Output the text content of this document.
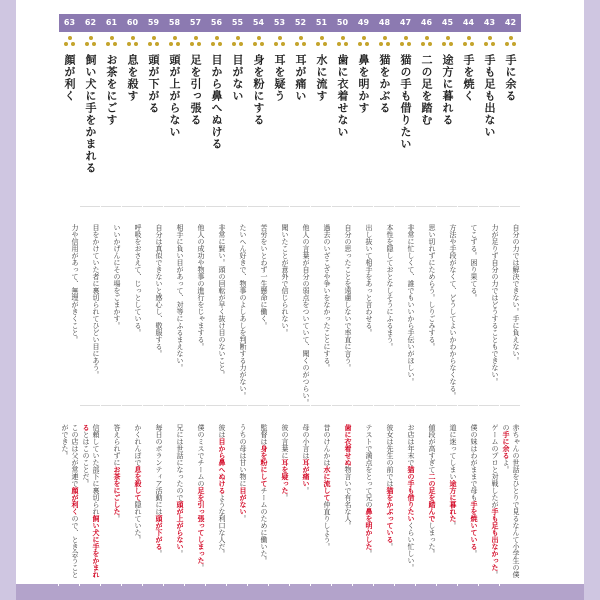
42
手に余る
自分の力では解決できない。手に負えない。
赤ちゃんの世話をひとりで見るなんて小学生の僕の手に余るよ。
43
手も足も出ない
力が足りず自分の力ではどうすることもできない。
ゲームのプロと対戦したが手も足も出なかった。
44
手を焼く
てこずる。困り果てる。
僕の妹はわがままで母も手を焼いている。
45
途方に暮れる
方法や手段がなくて、どうしてよいかわからなくなる。
道に迷ってしまい途方に暮れた。
46
二の足を踏む
思い切れずにためらう。しりごみする。
値段が高すぎて二の足を踏んでしまった。
47
猫の手も借りたい
非常に忙しくて、誰でもいいから手伝いがほしい。
お店は年末で猫の手も借りたいくらい忙しい。
48
猫をかぶる
本性を隠しておとなしそうにふるまう。
彼女は先生の前では猫をかぶっている。
49
鼻を明かす
出し抜いて相手をあっと言わせる。
テストで満点をとって兄の鼻を明かした。
50
歯に衣着せない
自分の思ったことを遠慮しないで率直に言う。
歯に衣着せぬ物言いで有名な人。
51
水に流す
過去のいざこざや争いをなかったことにする。
昔のけんかは水に流して仲直りしよう。
52
耳が痛い
他人の言葉が自分の弱点をついていて、聞くのがつらい。
母の小言は耳が痛い。
53
耳を疑う
聞いたことが意外で信じられない。
彼の言葉に耳を疑った。
54
身を粉にする
苦労をいとわず一生懸命に働く。
監督は身を粉にしてチームのために働いた。
55
目がない
たいへん好きで、物事のよしあしを判断する力がない。
うちの母は甘い物に目がない。
56
目から鼻へぬける
非常に賢い。頭の回転が早く抜け目のないこと。
彼は目から鼻へぬけるような利口な人だ。
57
足を引っ張る
他人の成功や物事の進行をじゃまする。
僕のミスでチームの足を引っ張ってしまった。
58
頭が上がらない
相手に負い目があって、対等にふるまえない。
兄には世話になったので頭が上がらない。
59
頭が下がる
自分は真似できないと感心し、敬服する。
毎日のボランティア活動には頭が下がる。
60
息を殺す
呼吸をおさえて、じっとしている。
かくれんぼで息を殺して隠れていた。
61
お茶をにごす
いいかげんにその場をごまかす。
答えられずにお茶をにごした。
62
飼い犬に手をかまれる
目をかけていた者に裏切られてひどい目にあう。
信頼していた部下に裏切られ飼い犬に手をかまれるとはこのことだ。
63
顔が利く
力や信用があって、無理がきくこと。
この店は父が常連で顔が利くので、とき会うことができた。
